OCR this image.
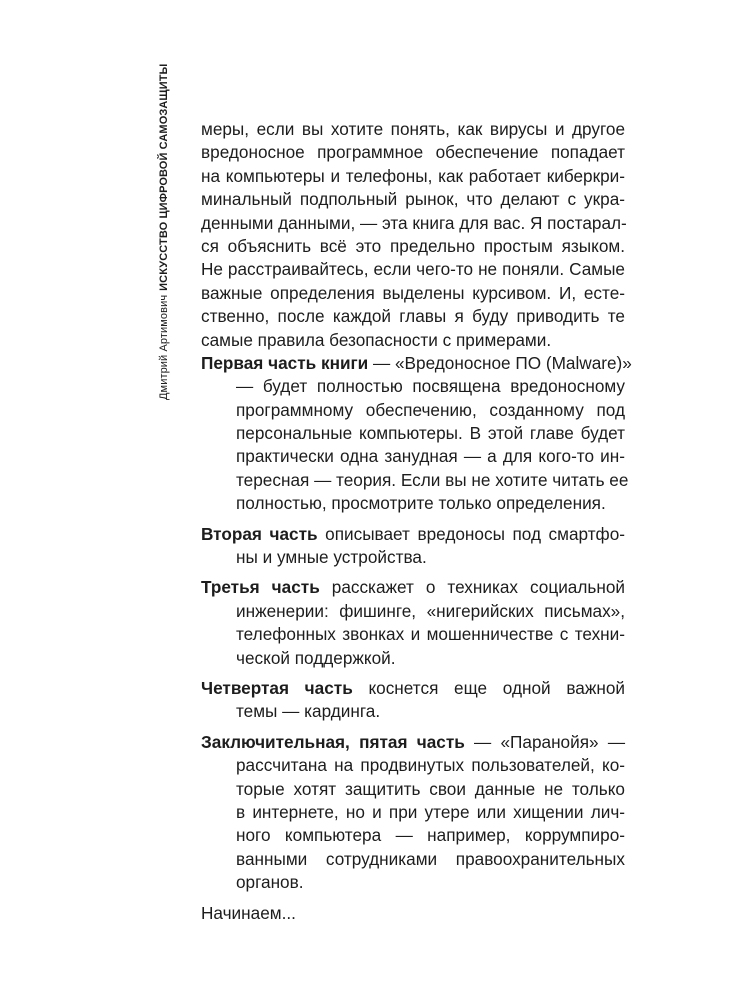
Дмитрий АртимовичИСКУССТВО ЦИФРОВОЙ САМОЗАЩИТЫ меры, если вы хотите понять, как вирусы и другое
вредоносное программное обеспечение попадает
на компьютеры и телефоны, как работает киберкри-
минальный подпольный рынок, что делают с укра-
денными данными, — эта книга для вас. Я постарал-
ся объяснить всё это предельно простым языком.
Не расстраивайтесь, если чего-то не поняли. Самые
важные определения выделены курсивом. И, есте-
ственно, после каждой главы я буду приводить те
самые правила безопасности с примерами.
Первая часть книги — «Вредоносное ПО (Malware)»
— будет полностью посвящена вредоносному
программному обеспечению, созданному под
персональные компьютеры. В этой главе будет
практически одна занудная — а для кого-то ин-
тересная — теория. Если вы не хотите читать ее
полностью, просмотрите только определения.
Вторая часть описывает вредоносы под смартфо-
ны и умные устройства.
Третья часть расскажет о техниках социальной
инженерии: фишинге, «нигерийских письмах»,
телефонных звонках и мошенничестве с техни-
ческой поддержкой.
Четвертая часть коснется еще одной важной
темы — кардинга.
Заключительная, пятая часть — «Паранойя» —
рассчитана на продвинутых пользователей, ко-
торые хотят защитить свои данные не только
в интернете, но и при утере или хищении лич-
ного компьютера — например, коррумпиро-
ванными сотрудниками правоохранительных
органов.
Начинаем...
